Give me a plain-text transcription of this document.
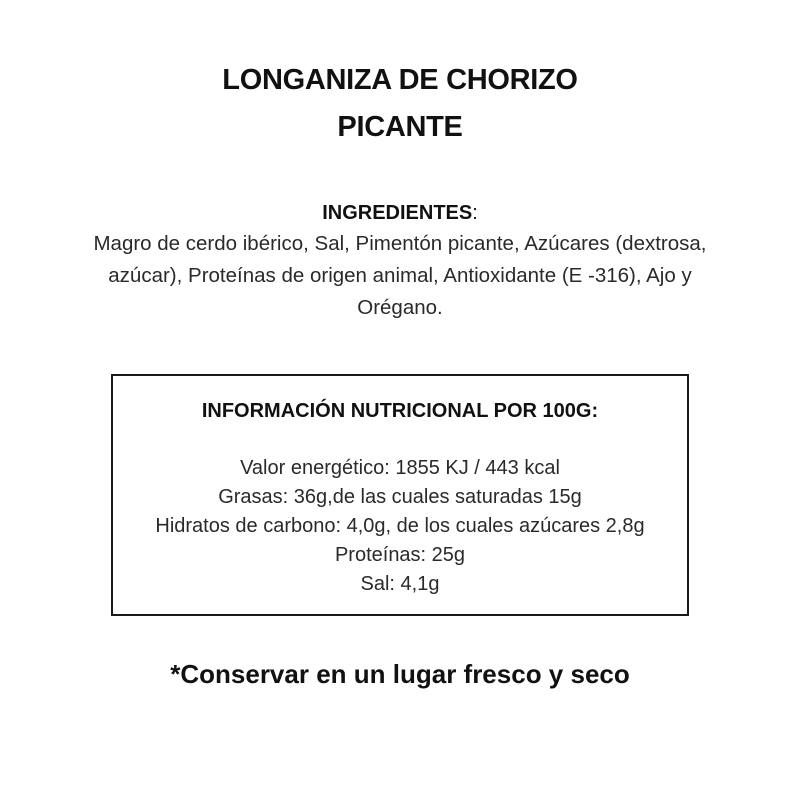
LONGANIZA DE CHORIZO
PICANTE
INGREDIENTES:
Magro de cerdo ibérico, Sal, Pimentón picante, Azúcares (dextrosa,
azúcar), Proteínas de origen animal, Antioxidante (E -316), Ajo y
Orégano.
INFORMACIÓN NUTRICIONAL POR 100G:
Valor energético: 1855 KJ / 443 kcal
Grasas: 36g,de las cuales saturadas 15g
Hidratos de carbono: 4,0g, de los cuales azúcares 2,8g
Proteínas: 25g
Sal: 4,1g
*Conservar en un lugar fresco y seco
